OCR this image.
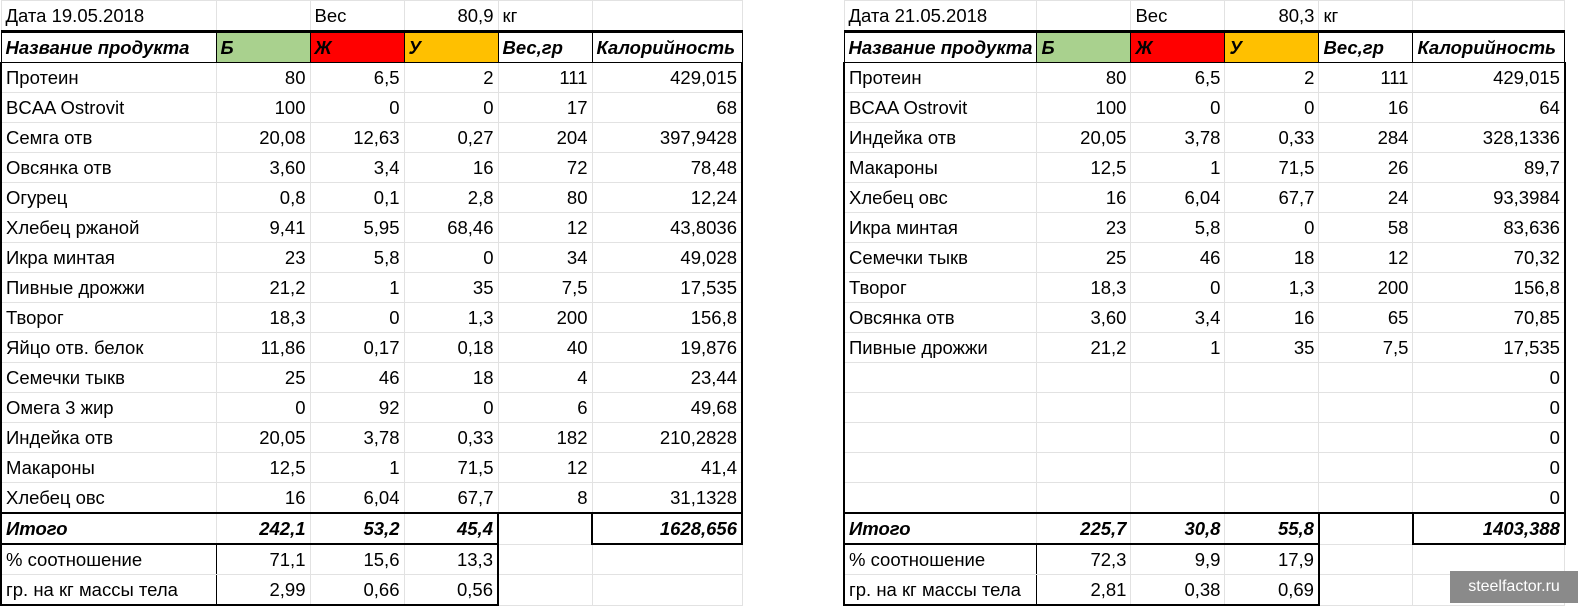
Дата 19.05.2018		Вес	80,9	кг	
Название продукта	Б	Ж	У	Вес,гр	Калорийность
Протеин	80	6,5	2	111	429,015
BCAA Ostrovit	100	0	0	17	68
Семга отв	20,08	12,63	0,27	204	397,9428
Овсянка отв	3,60	3,4	16	72	78,48
Огурец	0,8	0,1	2,8	80	12,24
Хлебец ржаной	9,41	5,95	68,46	12	43,8036
Икра минтая	23	5,8	0	34	49,028
Пивные дрожжи	21,2	1	35	7,5	17,535
Творог	18,3	0	1,3	200	156,8
Яйцо отв. белок	11,86	0,17	0,18	40	19,876
Семечки тыкв	25	46	18	4	23,44
Омега 3 жир	0	92	0	6	49,68
Индейка отв	20,05	3,78	0,33	182	210,2828
Макароны	12,5	1	71,5	12	41,4
Хлебец овс	16	6,04	67,7	8	31,1328
Итого	242,1	53,2	45,4		1628,656
% соотношение	71,1	15,6	13,3		
гр. на кг массы тела	2,99	0,66	0,56		
Дата 21.05.2018		Вес	80,3	кг	
Название продукта	Б	Ж	У	Вес,гр	Калорийность
Протеин	80	6,5	2	111	429,015
BCAA Ostrovit	100	0	0	16	64
Индейка отв	20,05	3,78	0,33	284	328,1336
Макароны	12,5	1	71,5	26	89,7
Хлебец овс	16	6,04	67,7	24	93,3984
Икра минтая	23	5,8	0	58	83,636
Семечки тыкв	25	46	18	12	70,32
Творог	18,3	0	1,3	200	156,8
Овсянка отв	3,60	3,4	16	65	70,85
Пивные дрожжи	21,2	1	35	7,5	17,535
					0
					0
					0
					0
					0
Итого	225,7	30,8	55,8		1403,388
% соотношение	72,3	9,9	17,9		
гр. на кг массы тела	2,81	0,38	0,69			steelfactor.ru
